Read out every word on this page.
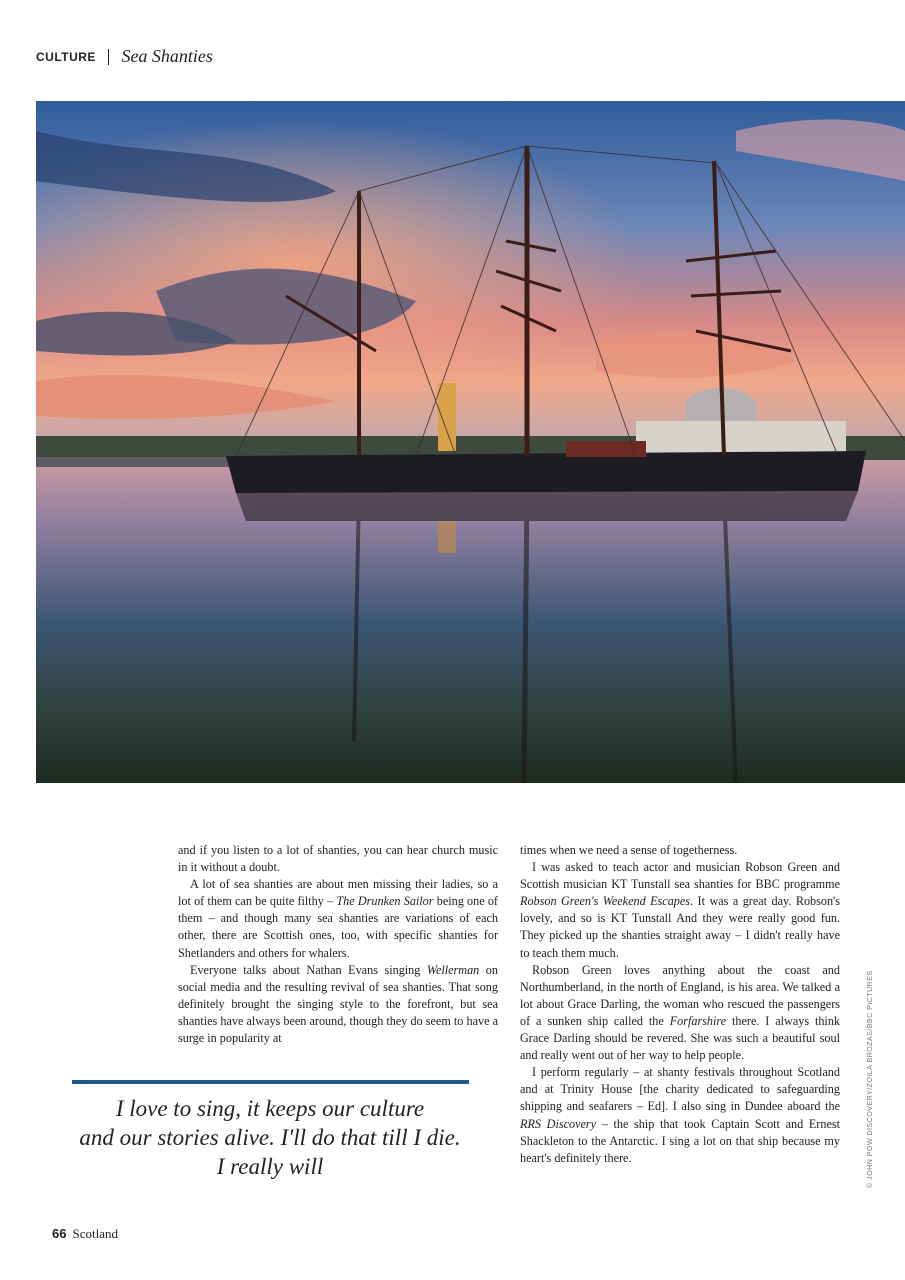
CULTURE Sea Shanties

and if you listen to a lot of shanties, you can hear church music in it without a doubt.

A lot of sea shanties are about men missing their ladies, so a lot of them can be quite filthy – The Drunken Sailor being one of them – and though many sea shanties are variations of each other, there are Scottish ones, too, with specific shanties for Shetlanders and others for whalers.

Everyone talks about Nathan Evans singing Wellerman on social media and the resulting revival of sea shanties. That song definitely brought the singing style to the forefront, but sea shanties have always been around, though they do seem to have a surge in popularity at

times when we need a sense of togetherness.

I was asked to teach actor and musician Robson Green and Scottish musician KT Tunstall sea shanties for BBC programme Robson Green's Weekend Escapes. It was a great day. Robson's lovely, and so is KT Tunstall And they were really good fun. They picked up the shanties straight away – I didn't really have to teach them much.

Robson Green loves anything about the coast and Northumberland, in the north of England, is his area. We talked a lot about Grace Darling, the woman who rescued the passengers of a sunken ship called the Forfarshire there. I always think Grace Darling should be revered. She was such a beautiful soul and really went out of her way to help people.

I perform regularly – at shanty festivals throughout Scotland and at Trinity House [the charity dedicated to safeguarding shipping and seafarers – Ed]. I also sing in Dundee aboard the RRS Discovery – the ship that took Captain Scott and Ernest Shackleton to the Antarctic. I sing a lot on that ship because my heart's definitely there.

I love to sing, it keeps our culture
and our stories alive. I'll do that till I die.
I really will	© JOHN POW DISCOVERY/ZOILA BROZAS/BBC PICTURES
66 Scotland
